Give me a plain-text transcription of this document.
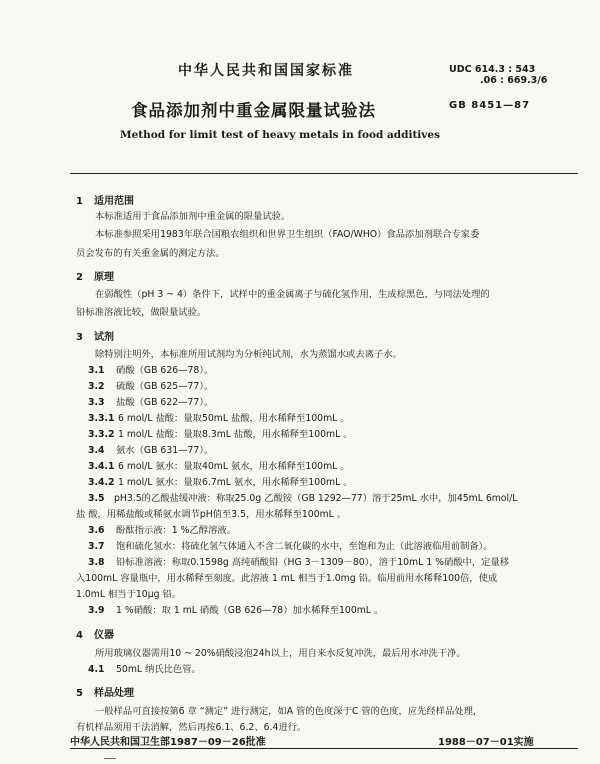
中华人民共和国国家标准	UDC 614.3 : 543
.06 : 669.3/6
食品添加剂中重金属限量试验法	GB 8451—87
Method for limit test of heavy metals in food additives
1 适用范围
本标准适用于食品添加剂中重金属的限量试验。
本标准参照采用1983年联合国粮农组织和世界卫生组织（FAO/WHO）食品添加剂联合专家委
员会发布的有关重金属的测定方法。
2 原理
在弱酸性（pH 3 ~ 4）条件下，试样中的重金属离子与硫化氢作用，生成棕黑色，与同法处理的
铅标准溶液比较，做限量试验。
3 试剂
除特别注明外，本标准所用试剂均为分析纯试剂，水为蒸馏水或去离子水。
3.1 硝酸（GB 626—78）。
3.2 硫酸（GB 625—77）。
3.3 盐酸（GB 622—77）。
3.3.1 6 mol/L 盐酸：量取50mL 盐酸，用水稀释至100mL 。
3.3.2 1 mol/L 盐酸：量取8.3mL 盐酸，用水稀释至100mL 。
3.4 氨水（GB 631—77）。
3.4.1 6 mol/L 氨水：量取40mL 氨水，用水稀释至100mL 。
3.4.2 1 mol/L 氨水：量取6.7mL 氨水，用水稀释至100mL 。
3.5 pH3.5的乙酸盐缓冲液：称取25.0g 乙酸铵（GB 1292—77）溶于25mL 水中，加45mL 6mol/L
盐 酸，用稀盐酸或稀氨水调节pH值至3.5，用水稀释至100mL 。
3.6 酚酞指示液：1 %乙醇溶液。
3.7 饱和硫化氢水：将硫化氢气体通入不含二氧化碳的水中，至饱和为止（此溶液临用前制备）。
3.8 铅标准溶液：称取0.1598g 高纯硝酸铅（HG 3－1309－80），溶于10mL 1 %硝酸中，定量移
入100mL 容量瓶中，用水稀释至刻度。此溶液 1 mL 相当于1.0mg 铅。临用前用水稀释100倍，使成
1.0mL 相当于10μg 铅。
3.9 1 %硝酸：取 1 mL 硝酸（GB 626—78）加水稀释至100mL 。
4 仪器
所用玻璃仪器需用10 ~ 20%硝酸浸泡24h以上，用自来水反复冲洗，最后用水冲洗干净。
4.1 50mL 纳氏比色管。
5 样品处理
一般样品可直接按第6 章 “测定” 进行测定，如A 管的色度深于C 管的色度，应先经样品处理，
有机样品须用干法消解，然后再按6.1、6.2、6.4进行。
中华人民共和国卫生部1987－09－26批准	1988－07－01实施
